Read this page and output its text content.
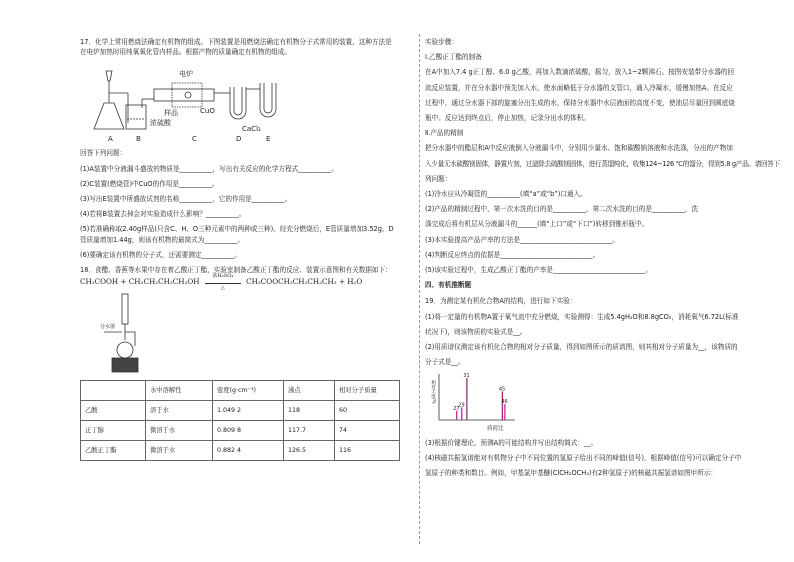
17．化学上常用燃烧法确定有机物的组成。下图装置是用燃烧法确定有机物分子式常用的装置，这种方法是

在电炉加热时用纯氧氧化管内样品。根据产物的质量确定有机物的组成。

电炉
样品	CuO
浓硫酸
CaCl₂
A	B	C	D	E

回答下列问题：

(1)A装置中分液漏斗盛放的物质是__________，写出有关反应的化学方程式__________。

(2)C装置(燃烧管)中CuO的作用是__________。

(3)写出E装置中所盛放试剂的名称__________，它的作用是__________。

(4)若将B装置去掉会对实验造成什么影响？__________。

(5)若准确称取2.40g样品(只含C、H、O三种元素中的两种或三种)。经充分燃烧后，E管质量增加3.52g，D

管质量增加1.44g，则该有机物的最简式为__________。

(6)要确定该有机物的分子式，还需要测定__________。

18．食醋、香蕉等水果中存在着乙酸正丁酯，实验室制备乙酸正丁酯的反应、装置示意图和有关数据如下：

CH₃COOH + CH₃CH₂CH₂CH₂OH
浓H₂SO₄
△
CH₃COOCH₂CH₂CH₂CH₃ + H₂O
分水器
	水中溶解性	密度(g·cm⁻³)	沸点	相对分子质量
乙酸	溶于水	1.049 2	118	60
正丁醇	微溶于水	0.809 8	117.7	74
乙酸正丁酯	微溶于水	0.882 4	126.5	116

实验步骤：

Ⅰ.乙酸正丁酯的制备

在A中加入7.4 g正丁醇、6.0 g乙酸，再加入数滴浓硫酸，摇匀，放入1~2颗沸石。按图安装带分水器的回

流反应装置，并在分水器中预先加入水，使水面略低于分水器的支管口，通入冷凝水，缓慢加热A。在反应

过程中，通过分水器下部的旋塞分出生成的水，保持分水器中水层液面的高度不变，使油层尽量回到圆底烧

瓶中。反应达到终点后，停止加热，记录分出水的体积。

Ⅱ.产品的精制

把分水器中的酯层和A中反应液倒入分液漏斗中，分别用少量水、饱和碳酸钠溶液和水洗涤，分出的产物加

入少量无水硫酸镁固体，静置片刻，过滤除去硫酸镁固体，进行蒸馏纯化，收集124~126 ℃的馏分，得到5.8 g产品。请回答下

列问题：

(1)冷水应从冷凝管的__________(填“a”或“b”)口通入。

(2)产品的精制过程中，第一次水洗的目的是__________，第二次水洗的目的是__________，洗

涤完成后将有机层从分液漏斗的______(填“上口”或“下口”)转移到锥形瓶中。

(3)本实验提高产品产率的方法是____________________________。

(4)判断反应终点的依据是____________________________。

(5)该实验过程中，生成乙酸正丁酯的产率是____________________________。

四、有机推断题

19．为测定某有机化合物A的结构，进行如下实验：

(1)将一定量的有机物A置于氧气流中充分燃烧，实验测得：生成5.4gH₂O和8.8gCO₂，消耗氧气6.72L(标准

状况下)，则该物质的实验式是__。

(2)用质谱仪测定该有机化合物的相对分子质量，得到如图所示的质谱图，则其相对分子质量为__，该物质的

分子式是__。

相对丰度/%
质荷比
27
29
31
45
46

(3)根据价键理论，预测A的可能结构并写出结构简式：__。

(4)核磁共振氢谱能对有机物分子中不同位置的氢原子给出不同的峰值(信号)，根据峰值(信号)可以确定分子中

氢原子的种类和数目。例如，甲基氯甲基醚(ClCH₂OCH₃)有2种氢原子)的核磁共振氢谱如图甲所示：
